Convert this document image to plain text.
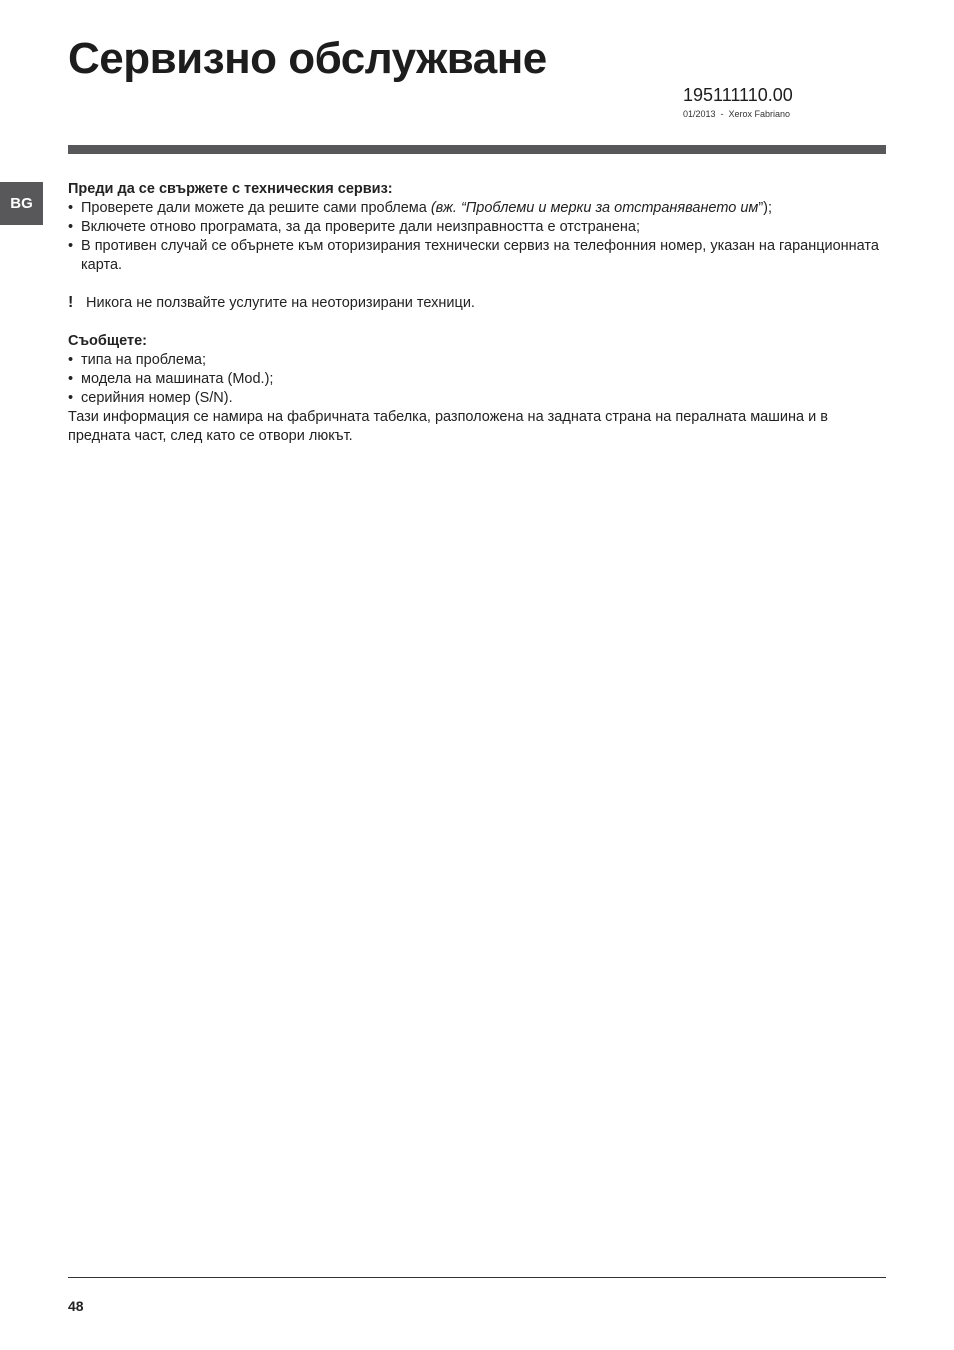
Сервизно обслужване
195111110.00
01/2013  -  Xerox Fabriano
BG

Преди да се свържете с техническия сервиз:

• Проверете дали можете да решите сами проблема (вж. “Проблеми и мерки за отстраняването им”);
• Включете отново програмата, за да проверите дали неизправността е отстранена;
• В противен случай се обърнете към оторизирания технически сервиз на телефонния номер, указан на гаранционната карта.
! Никога не ползвайте услугите на неоторизирани техници.

Съобщете:

• типа на проблема;
• модела на машината (Mod.);
• серийния номер (S/N).

Тази информация се намира на фабричната табелка, разположена на задната страна на пералната машина и в предната част, след като се отвори люкът.

48
